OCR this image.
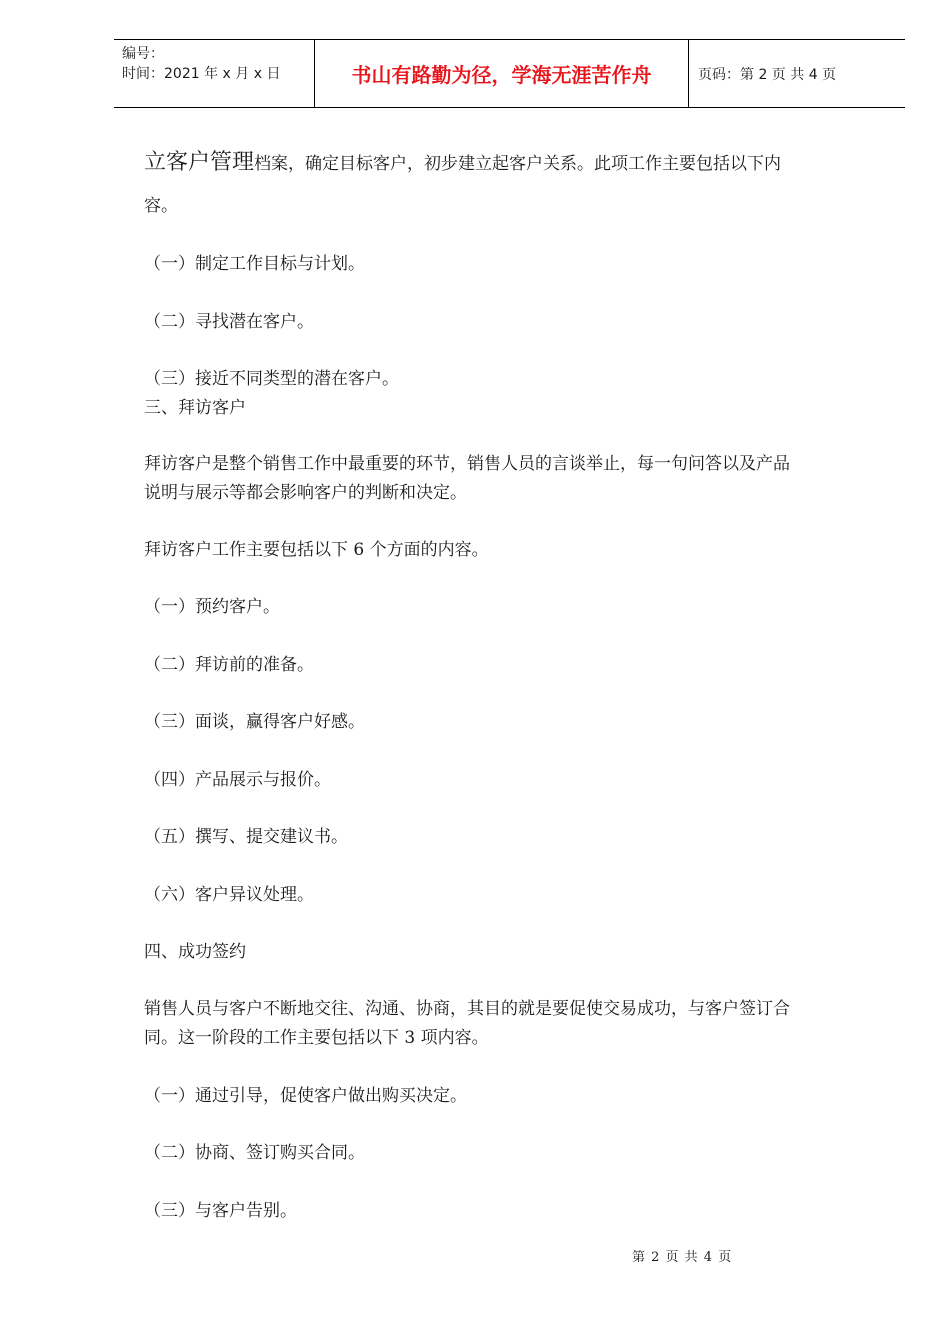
编号：
时间：2021 年 x 月 x 日	书山有路勤为径，学海无涯苦作舟	页码：第 2 页 共 4 页
立客户管理档案，确定目标客户，初步建立起客户关系。此项工作主要包括以下内
容。
（一）制定工作目标与计划。
（二）寻找潜在客户。
（三）接近不同类型的潜在客户。
三、拜访客户
拜访客户是整个销售工作中最重要的环节，销售人员的言谈举止，每一句问答以及产品
说明与展示等都会影响客户的判断和决定。
拜访客户工作主要包括以下 6 个方面的内容。
（一）预约客户。
（二）拜访前的准备。
（三）面谈，赢得客户好感。
（四）产品展示与报价。
（五）撰写、提交建议书。
（六）客户异议处理。
四、成功签约
销售人员与客户不断地交往、沟通、协商，其目的就是要促使交易成功，与客户签订合
同。这一阶段的工作主要包括以下 3 项内容。
（一）通过引导，促使客户做出购买决定。
（二）协商、签订购买合同。
（三）与客户告别。
第 2 页 共 4 页
